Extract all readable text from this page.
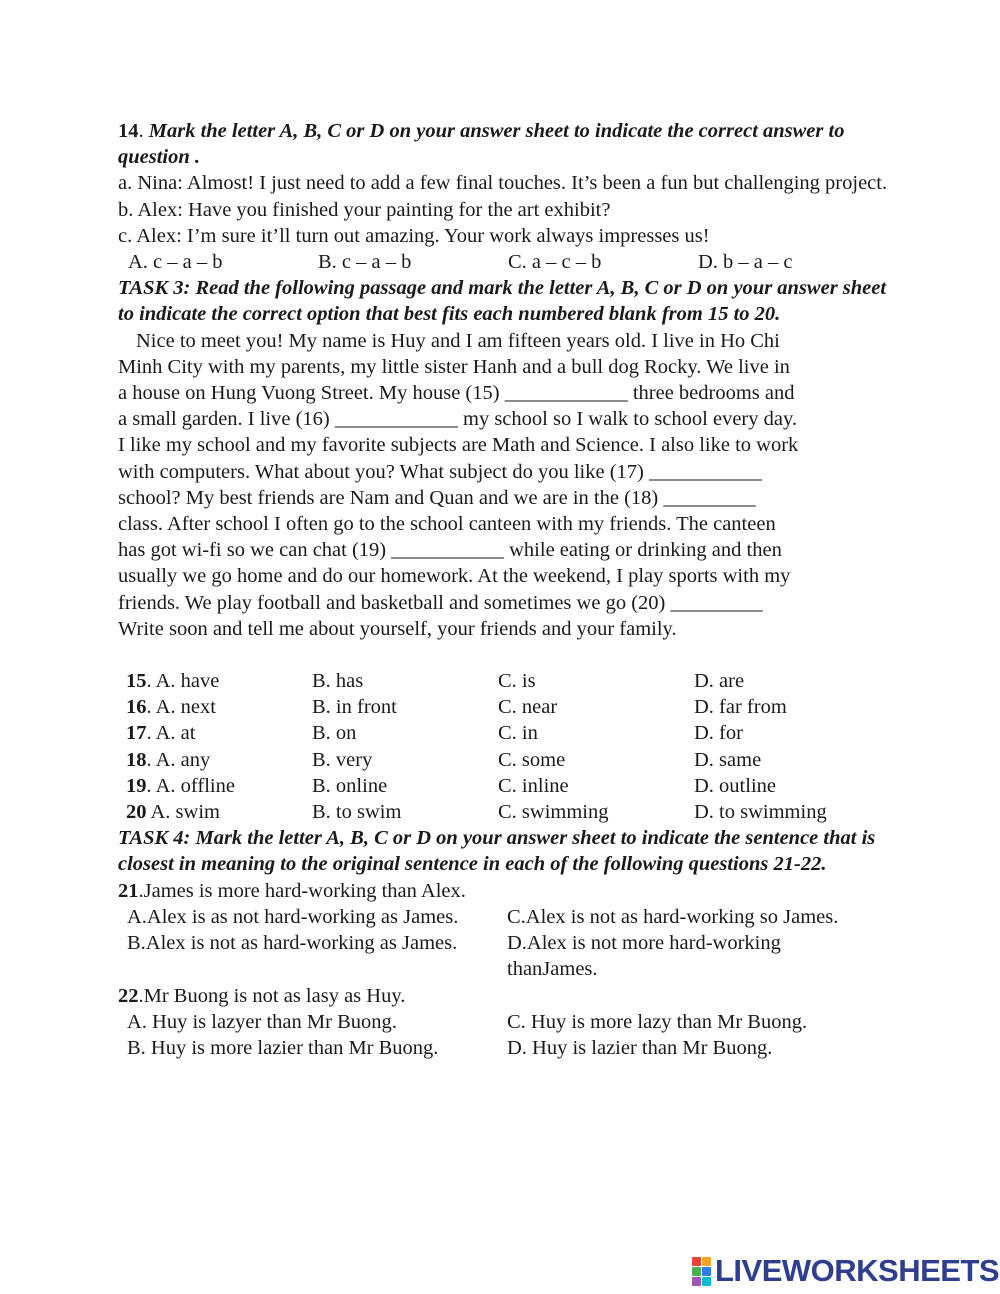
14. Mark the letter A, B, C or D on your answer sheet to indicate the correct answer to question .
a. Nina: Almost! I just need to add a few final touches. It’s been a fun but challenging project.
b. Alex: Have you finished your painting for the art exhibit?
c. Alex: I’m sure it’ll turn out amazing. Your work always impresses us!
A. c – a – b	B. c – a – b	C. a – c – b	D. b – a – c
TASK 3: Read the following passage and mark the letter A, B, C or D on your answer sheet to indicate the correct option that best fits each numbered blank from 15 to 20.
Nice to meet you! My name is Huy and I am fifteen years old. I live in Ho Chi
Minh City with my parents, my little sister Hanh and a bull dog Rocky. We live in
a house on Hung Vuong Street. My house (15) ____________ three bedrooms and
a small garden. I live (16) ____________ my school so I walk to school every day.
I like my school and my favorite subjects are Math and Science. I also like to work
with computers. What about you? What subject do you like (17) ___________
school? My best friends are Nam and Quan and we are in the (18) _________
class. After school I often go to the school canteen with my friends. The canteen
has got wi-fi so we can chat (19) ___________ while eating or drinking and then
usually we go home and do our homework. At the weekend, I play sports with my
friends. We play football and basketball and sometimes we go (20) _________
Write soon and tell me about yourself, your friends and your family.
15. A. have	B. has	C. is	D. are
16. A. next	B. in front	C. near	D. far from
17. A. at	B. on	C. in	D. for
18. A. any	B. very	C. some	D. same
19. A. offline	B. online	C. inline	D. outline
20 A. swim	B. to swim	C. swimming	D. to swimming
TASK 4: Mark the letter A, B, C or D on your answer sheet to indicate the sentence that is closest in meaning to the original sentence in each of the following questions 21-22.
21.James is more hard-working than Alex.
A.Alex is as not hard-working as James.	C.Alex is not as hard-working so James.
B.Alex is not as hard-working as James.	D.Alex is not more hard-working thanJames.
22.Mr Buong is not as lasy as Huy.
A. Huy is lazyer than Mr Buong.	C. Huy is more lazy than Mr Buong.
B. Huy is more lazier than Mr Buong.	D. Huy is lazier than Mr Buong.
LIVEWORKSHEETS
